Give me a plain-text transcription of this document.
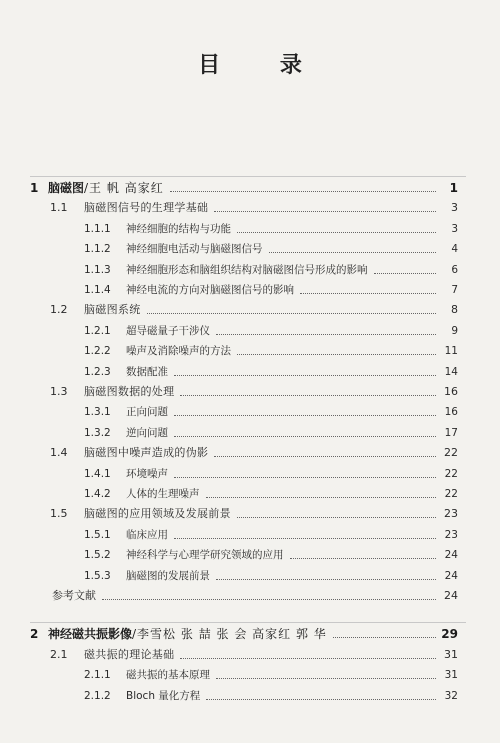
目 录
1 脑磁图 /王 帆 高家红	1
1.1 脑磁图信号的生理学基础	3
1.1.1 神经细胞的结构与功能	3
1.1.2 神经细胞电活动与脑磁图信号	4
1.1.3 神经细胞形态和脑组织结构对脑磁图信号形成的影响	6
1.1.4 神经电流的方向对脑磁图信号的影响	7
1.2 脑磁图系统	8
1.2.1 超导磁量子干涉仪	9
1.2.2 噪声及消除噪声的方法	11
1.2.3 数据配准	14
1.3 脑磁图数据的处理	16
1.3.1 正向问题	16
1.3.2 逆向问题	17
1.4 脑磁图中噪声造成的伪影	22
1.4.1 环境噪声	22
1.4.2 人体的生理噪声	22
1.5 脑磁图的应用领域及发展前景	23
1.5.1 临床应用	23
1.5.2 神经科学与心理学研究领域的应用	24
1.5.3 脑磁图的发展前景	24
参考文献	24
2 神经磁共振影像 /李雪松 张 喆 张 会 高家红 郭 华	29
2.1 磁共振的理论基础	31
2.1.1 磁共振的基本原理	31
2.1.2 Bloch 量化方程	32
